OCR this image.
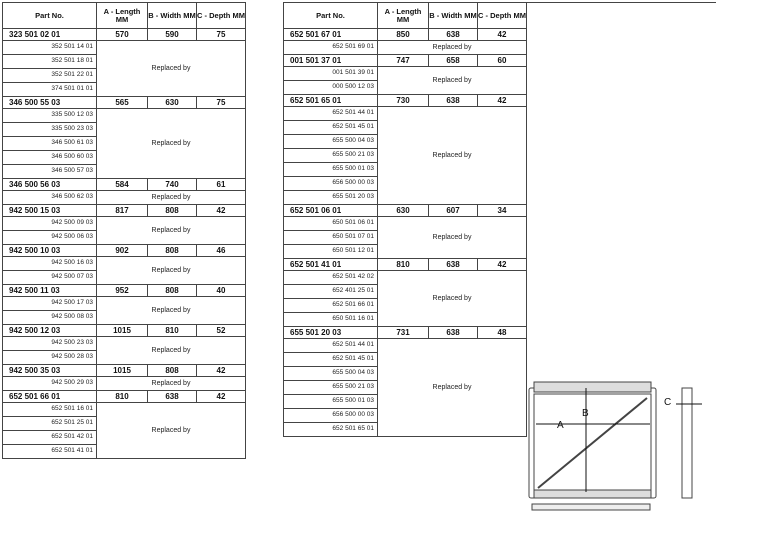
Part No.	A - Length MM	B - Width MM	C - Depth MM
323 501 02 01	570	590	75
352 501 14 01	Replaced by		
352 501 18 01			
352 501 22 01			
374 501 01 01			
346 500 55 03	565	630	75
335 500 12 03	Replaced by		
335 500 23 03			
346 500 61 03			
346 500 60 03			
346 500 57 03			
346 500 56 03	584	740	61
346 500 62 03	Replaced by		
942 500 15 03	817	808	42
942 500 09 03	Replaced by		
942 500 06 03			
942 500 10 03	902	808	46
942 500 16 03	Replaced by		
942 500 07 03			
942 500 11 03	952	808	40
942 500 17 03	Replaced by		
942 500 08 03			
942 500 12 03	1015	810	52
942 500 23 03	Replaced by		
942 500 28 03			
942 500 35 03	1015	808	42
942 500 29 03	Replaced by		
652 501 66 01	810	638	42
652 501 16 01	Replaced by		
652 501 25 01			
652 501 42 01			
652 501 41 01			
Part No.	A - Length MM	B - Width MM	C - Depth MM
652 501 67 01	850	638	42
652 501 69 01	Replaced by		
001 501 37 01	747	658	60
001 501 39 01	Replaced by		
000 500 12 03			
652 501 65 01	730	638	42
652 501 44 01	Replaced by		
652 501 45 01			
655 500 04 03			
655 500 21 03			
655 500 01 03			
656 500 00 03			
655 501 20 03			
652 501 06 01	630	607	34
650 501 06 01	Replaced by		
650 501 07 01			
650 501 12 01			
652 501 41 01	810	638	42
652 501 42 02	Replaced by		
652 401 25 01			
652 501 66 01			
650 501 16 01			
655 501 20 03	731	638	48
652 501 44 01	Replaced by		
652 501 45 01			
655 500 04 03			
655 500 21 03			
655 500 01 03			
656 500 00 03			
652 501 65 01				A
B
C
